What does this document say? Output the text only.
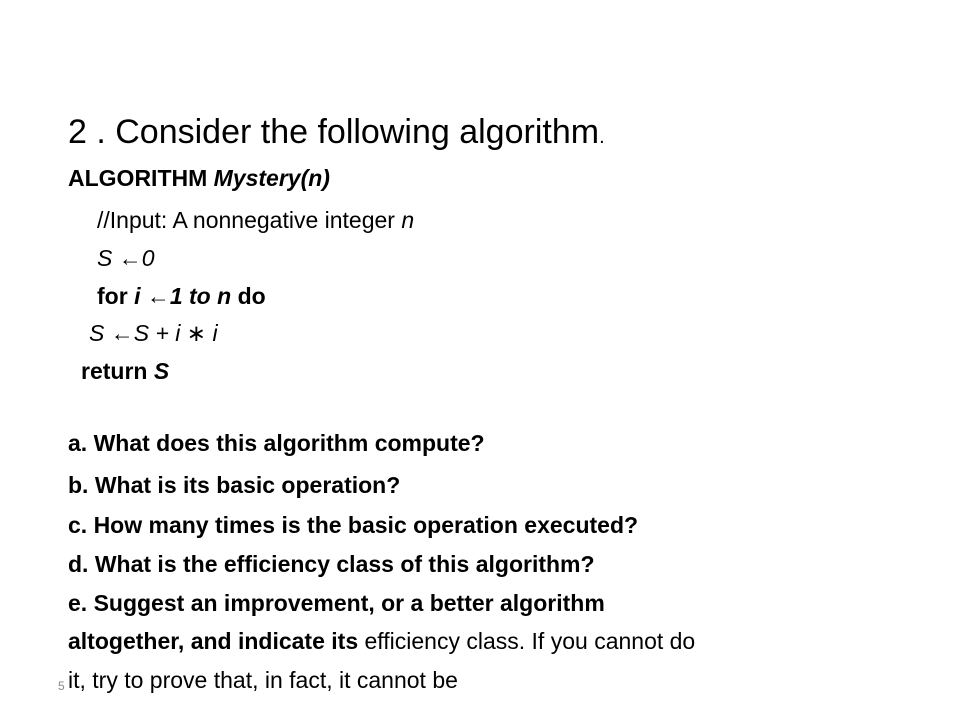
2 . Consider the following algorithm.
ALGORITHM Mystery(n)
//Input: A nonnegative integer n
S ←0
for i ←1 to n do
S ←S + i ∗ i
return S
a. What does this algorithm compute?
b. What is its basic operation?
c. How many times is the basic operation executed?
d. What is the efficiency class of this algorithm?
e. Suggest an improvement, or a better algorithm
altogether, and indicate its efficiency class. If you cannot do
it, try to prove that, in fact, it cannot be
5
